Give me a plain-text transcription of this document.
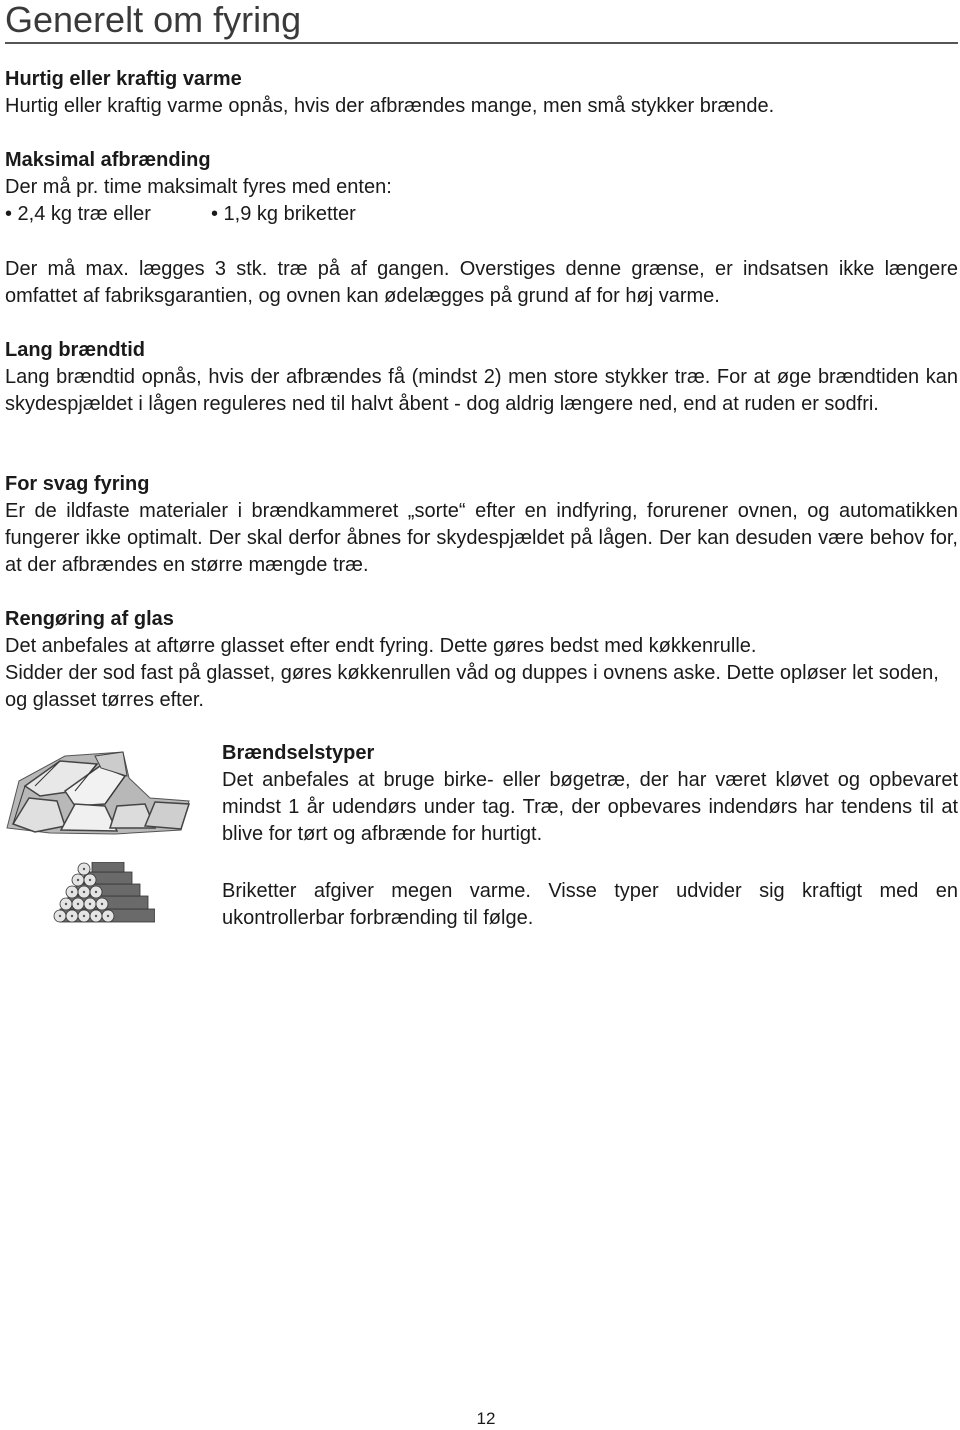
Generelt om fyring
Hurtig eller kraftig varme

Hurtig eller kraftig varme opnås, hvis der afbrændes mange, men små stykker brænde.

Maksimal afbrænding

Der må pr. time maksimalt fyres med enten:

• 2,4 kg træ eller	• 1,9 kg briketter

Der må max. lægges 3 stk. træ på af gangen. Overstiges denne grænse, er indsatsen ikke længere omfattet af fabriksgarantien, og ovnen kan ødelægges på grund af for høj varme.

Lang brændtid

Lang brændtid opnås, hvis der afbrændes få (mindst 2) men store stykker træ. For at øge brændtiden kan skydespjældet i lågen reguleres ned til halvt åbent - dog aldrig længere ned, end at ruden er sodfri.

For svag fyring

Er de ildfaste materialer i brændkammeret „sorte“ efter en indfyring, forurener ovnen, og automatikken fungerer ikke optimalt. Der skal derfor åbnes for skydespjældet på lågen. Der kan desuden være behov for, at der afbrændes en større mængde træ.

Rengøring af glas

Det anbefales at aftørre glasset efter endt fyring. Dette gøres bedst med køkkenrulle.

Sidder der sod fast på glasset, gøres køkkenrullen våd og duppes i ovnens aske. Dette opløser let soden, og glasset tørres efter.

Brændselstyper

Det anbefales at bruge birke- eller bøgetræ, der har været kløvet og opbevaret mindst 1 år udendørs under tag. Træ, der opbevares indendørs har tendens til at blive for tørt og afbrænde for hurtigt.

Briketter afgiver megen varme. Visse typer udvider sig kraftigt med en ukontrollerbar forbrænding til følge.

12
